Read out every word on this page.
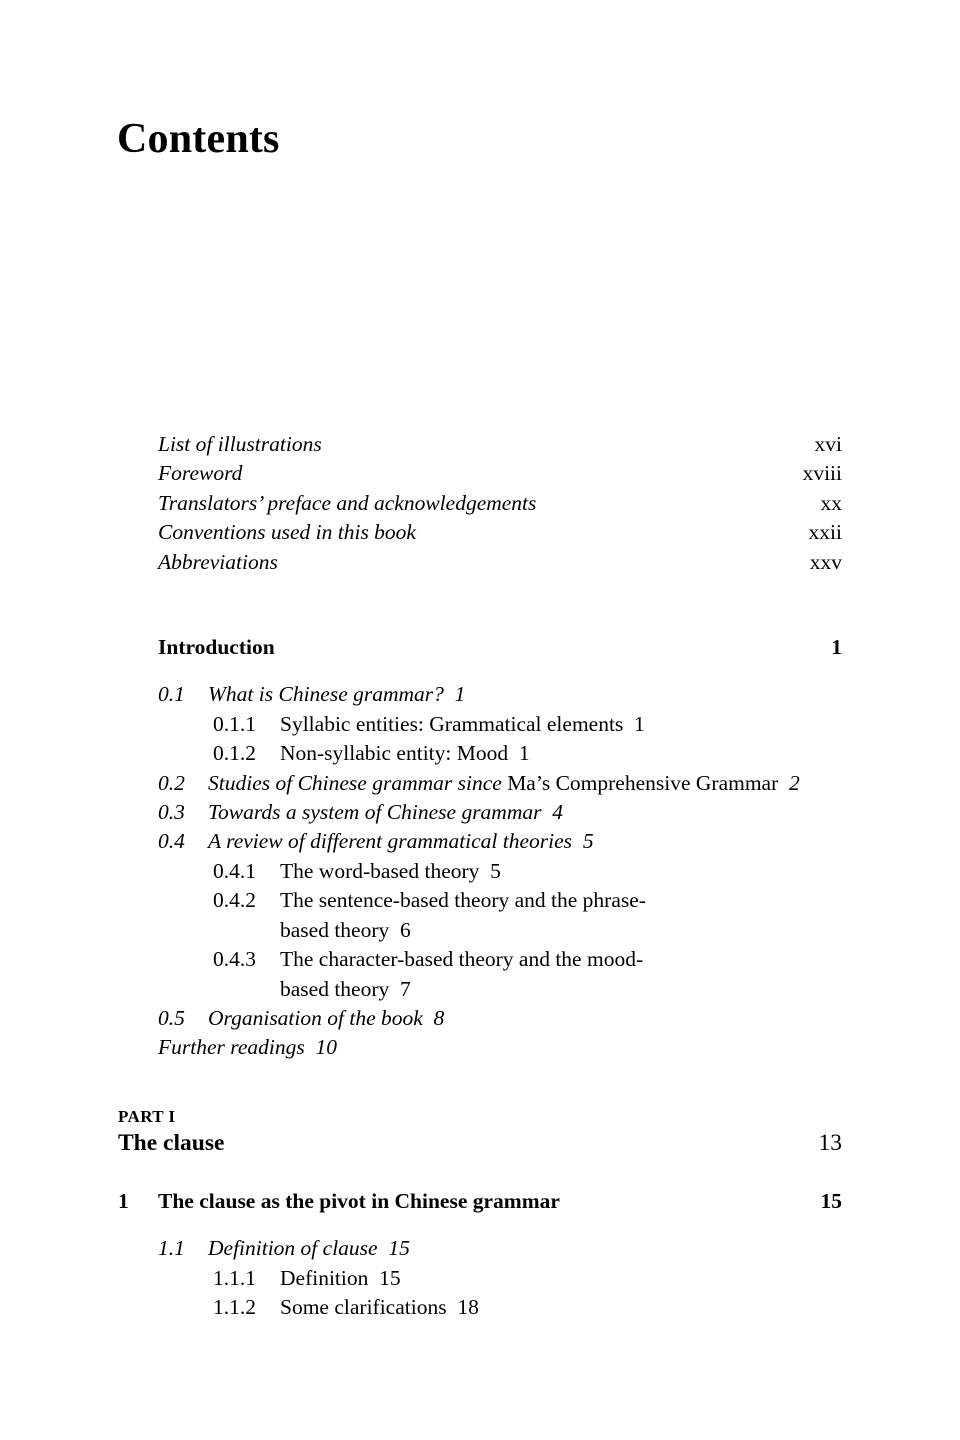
Contents
List of illustrations	xvi
Foreword	xviii
Translators’ preface and acknowledgements	xx
Conventions used in this book	xxii
Abbreviations	xxv
Introduction	1
0.1	What is Chinese grammar? 1
0.1.1	Syllabic entities: Grammatical elements 1
0.1.2	Non-syllabic entity: Mood 1
0.2	Studies of Chinese grammar since Ma’s Comprehensive Grammar 2
0.3	Towards a system of Chinese grammar 4
0.4	A review of different grammatical theories 5
0.4.1	The word-based theory 5
0.4.2	The sentence-based theory and the phrase-based theory 6
0.4.3	The character-based theory and the mood-based theory 7
0.5	Organisation of the book 8
Further readings 10
PART I
The clause	13
1	The clause as the pivot in Chinese grammar	15
1.1	Definition of clause 15
1.1.1	Definition 15
1.1.2	Some clarifications 18
